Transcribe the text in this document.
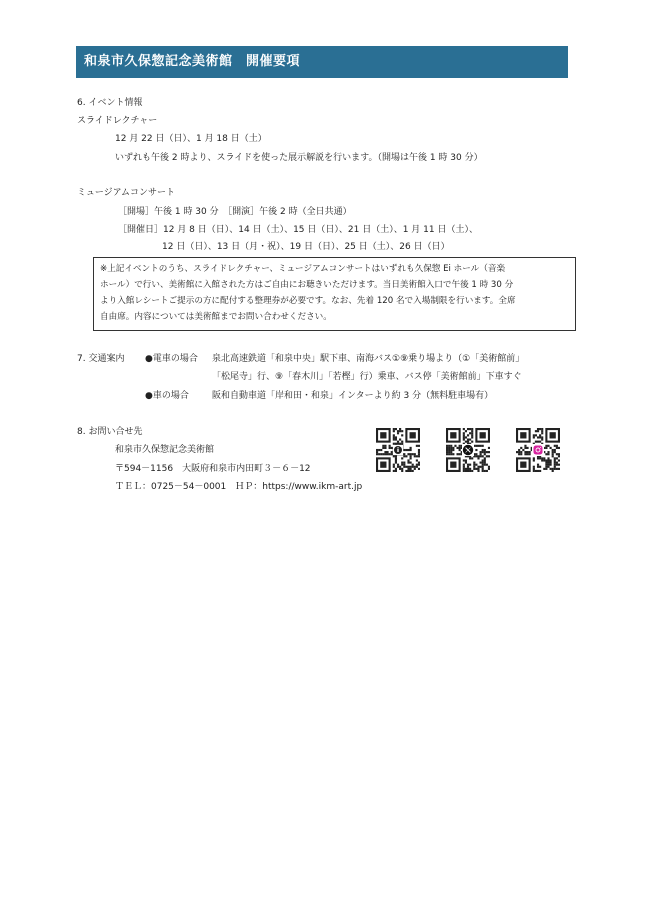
和泉市久保惣記念美術館　開催要項
6. イベント情報
スライドレクチャー
12 月 22 日（日）、1 月 18 日（土）
いずれも午後 2 時より、スライドを使った展示解説を行います。（開場は午後 1 時 30 分）
ミュージアムコンサート
［開場］午後 1 時 30 分　［開演］午後 2 時（全日共通）
［開催日］12 月 8 日（日）、14 日（土）、15 日（日）、21 日（土）、1 月 11 日（土）、
12 日（日）、13 日（月・祝）、19 日（日）、25 日（土）、26 日（日）
※上記イベントのうち、スライドレクチャー、ミュージアムコンサートはいずれも久保惣 Ei ホール（音楽
ホール）で行い、美術館に入館された方はご自由にお聴きいただけます。当日美術館入口で午後 1 時 30 分
より入館レシートご提示の方に配付する整理券が必要です。なお、先着 120 名で入場制限を行います。全席
自由席。内容については美術館までお問い合わせください。
7. 交通案内 ●電車の場合 泉北高速鉄道「和泉中央」駅下車、南海バス①⑨乗り場より（①「美術館前」
「松尾寺」行、⑨「春木川」「若樫」行）乗車、バス停「美術館前」下車すぐ
●車の場合	阪和自動車道「岸和田・和泉」インターより約 3 分（無料駐車場有）
8. お問い合せ先
和泉市久保惣記念美術館
〒594－1156　大阪府和泉市内田町３－６－12
ＴＥＬ：0725－54－0001　ＨＰ：https://www.ikm-art.jp
